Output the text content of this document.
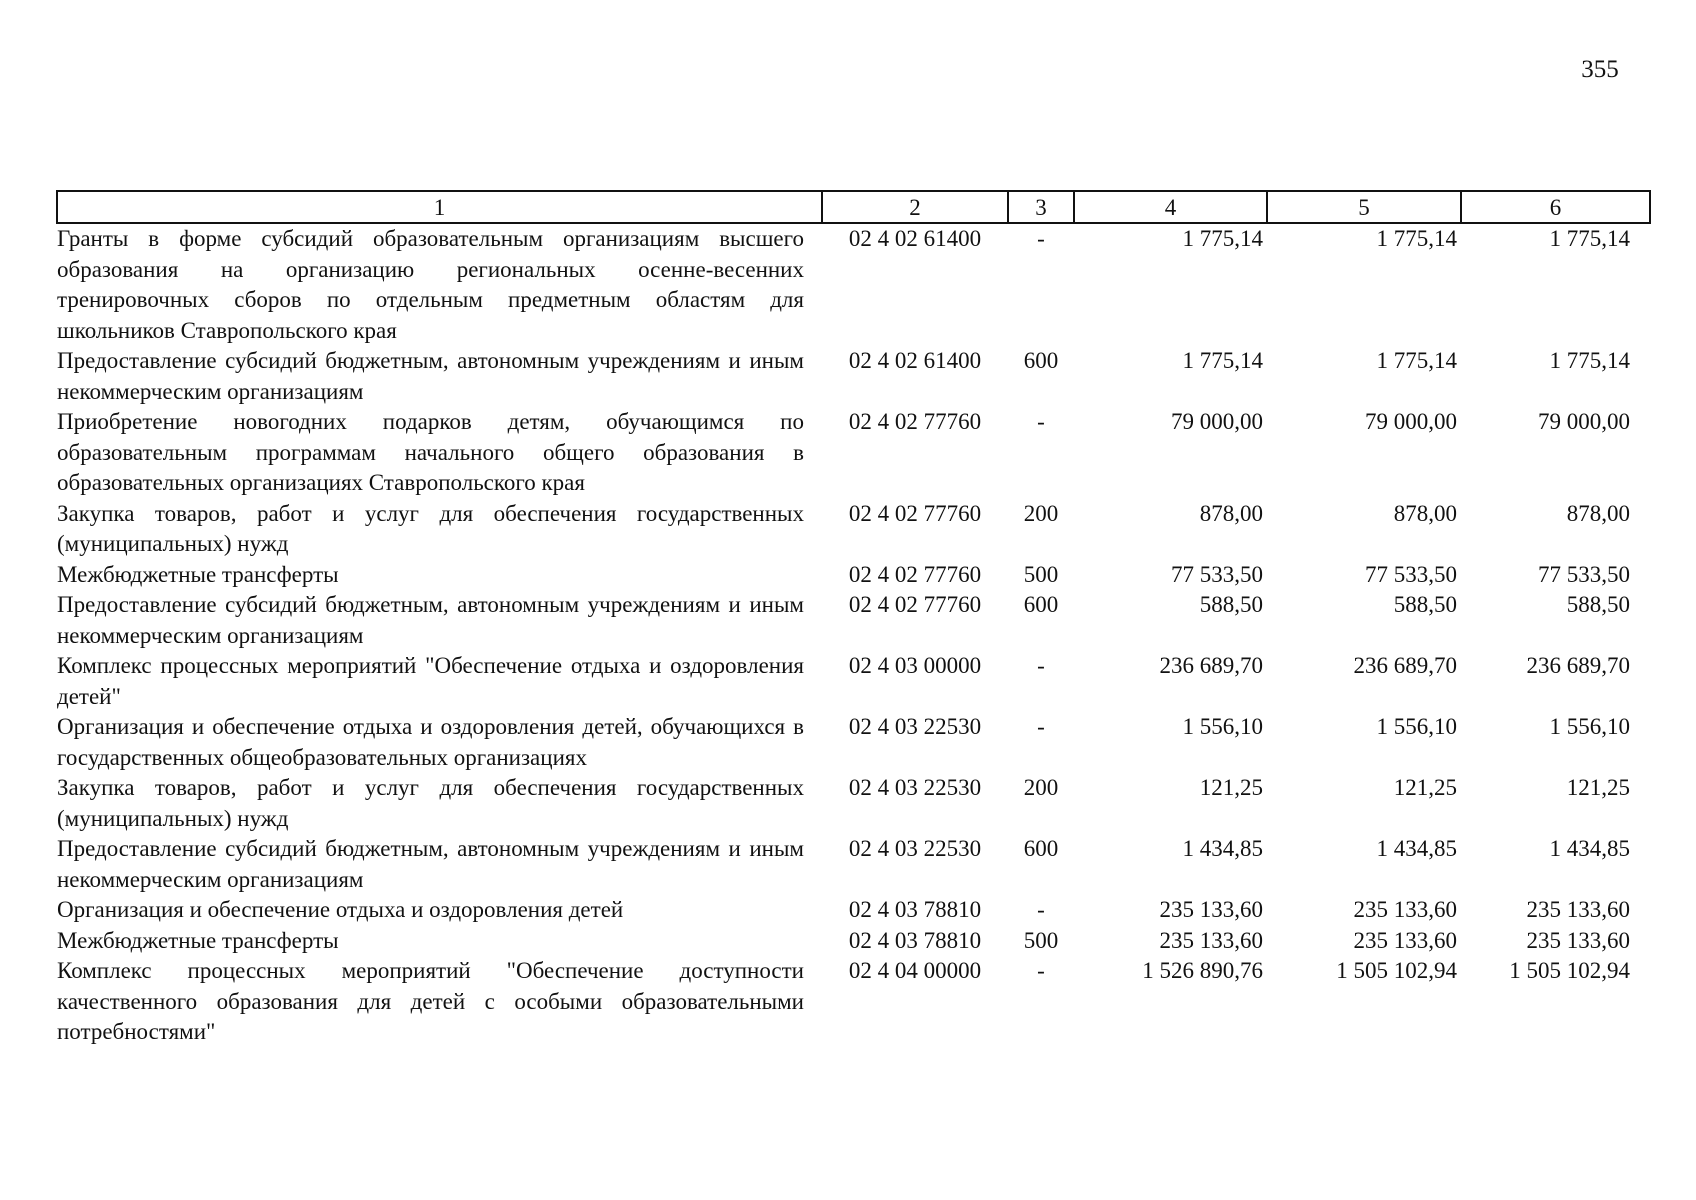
355
1	2	3	4	5	6
Гранты в форме субсидий образовательным организациям высшего образования на организацию региональных осенне-весенних тренировочных сборов по отдельным предметным областям для школьников Ставропольского края	02 4 02 61400	-	1 775,14	1 775,14	1 775,14
Предоставление субсидий бюджетным, автономным учреждениям и иным некоммерческим организациям	02 4 02 61400	600	1 775,14	1 775,14	1 775,14
Приобретение новогодних подарков детям, обучающимся по образовательным программам начального общего образования в образовательных организациях Ставропольского края	02 4 02 77760	-	79 000,00	79 000,00	79 000,00
Закупка товаров, работ и услуг для обеспечения государственных (муниципальных) нужд	02 4 02 77760	200	878,00	878,00	878,00
Межбюджетные трансферты	02 4 02 77760	500	77 533,50	77 533,50	77 533,50
Предоставление субсидий бюджетным, автономным учреждениям и иным некоммерческим организациям	02 4 02 77760	600	588,50	588,50	588,50
Комплекс процессных мероприятий "Обеспечение отдыха и оздоровления детей"	02 4 03 00000	-	236 689,70	236 689,70	236 689,70
Организация и обеспечение отдыха и оздоровления детей, обучающихся в государственных общеобразовательных организациях	02 4 03 22530	-	1 556,10	1 556,10	1 556,10
Закупка товаров, работ и услуг для обеспечения государственных (муниципальных) нужд	02 4 03 22530	200	121,25	121,25	121,25
Предоставление субсидий бюджетным, автономным учреждениям и иным некоммерческим организациям	02 4 03 22530	600	1 434,85	1 434,85	1 434,85
Организация и обеспечение отдыха и оздоровления детей	02 4 03 78810	-	235 133,60	235 133,60	235 133,60
Межбюджетные трансферты	02 4 03 78810	500	235 133,60	235 133,60	235 133,60
Комплекс процессных мероприятий "Обеспечение доступности качественного образования для детей с особыми образовательными потребностями"	02 4 04 00000	-	1 526 890,76	1 505 102,94	1 505 102,94
